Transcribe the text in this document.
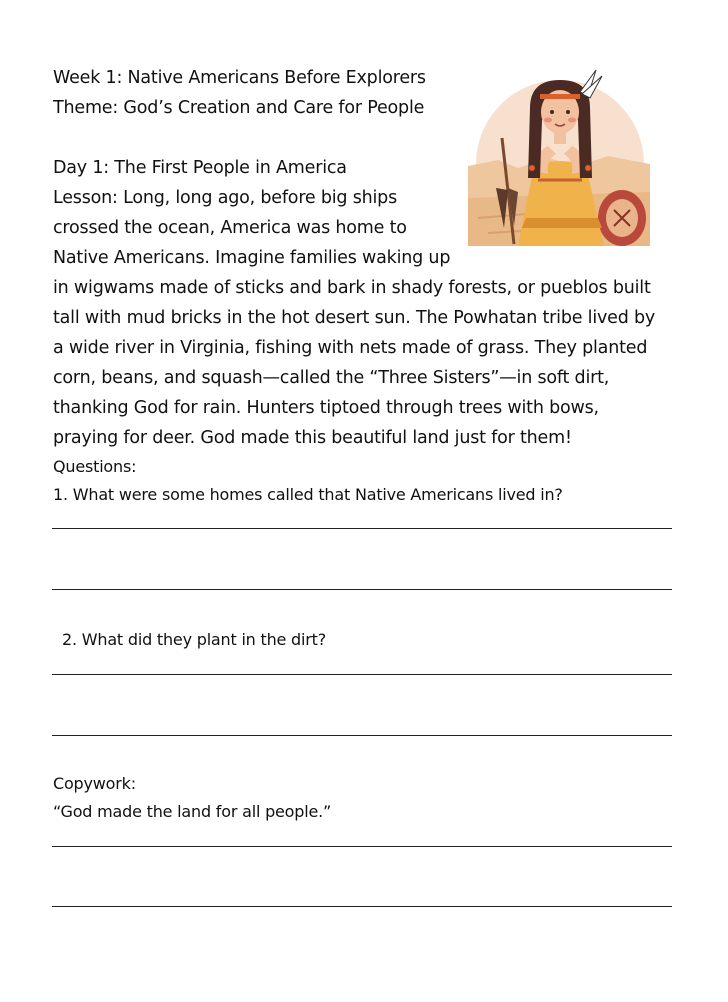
Week 1: Native Americans Before Explorers
Theme: God’s Creation and Care for People
Day 1: The First People in America
Lesson: Long, long ago, before big ships
crossed the ocean, America was home to
Native Americans. Imagine families waking up
in wigwams made of sticks and bark in shady forests, or pueblos built
tall with mud bricks in the hot desert sun. The Powhatan tribe lived by
a wide river in Virginia, fishing with nets made of grass. They planted
corn, beans, and squash—called the “Three Sisters”—in soft dirt,
thanking God for rain. Hunters tiptoed through trees with bows,
praying for deer. God made this beautiful land just for them!
Questions:
1. What were some homes called that Native Americans lived in?
2. What did they plant in the dirt?
Copywork:
“God made the land for all people.”
